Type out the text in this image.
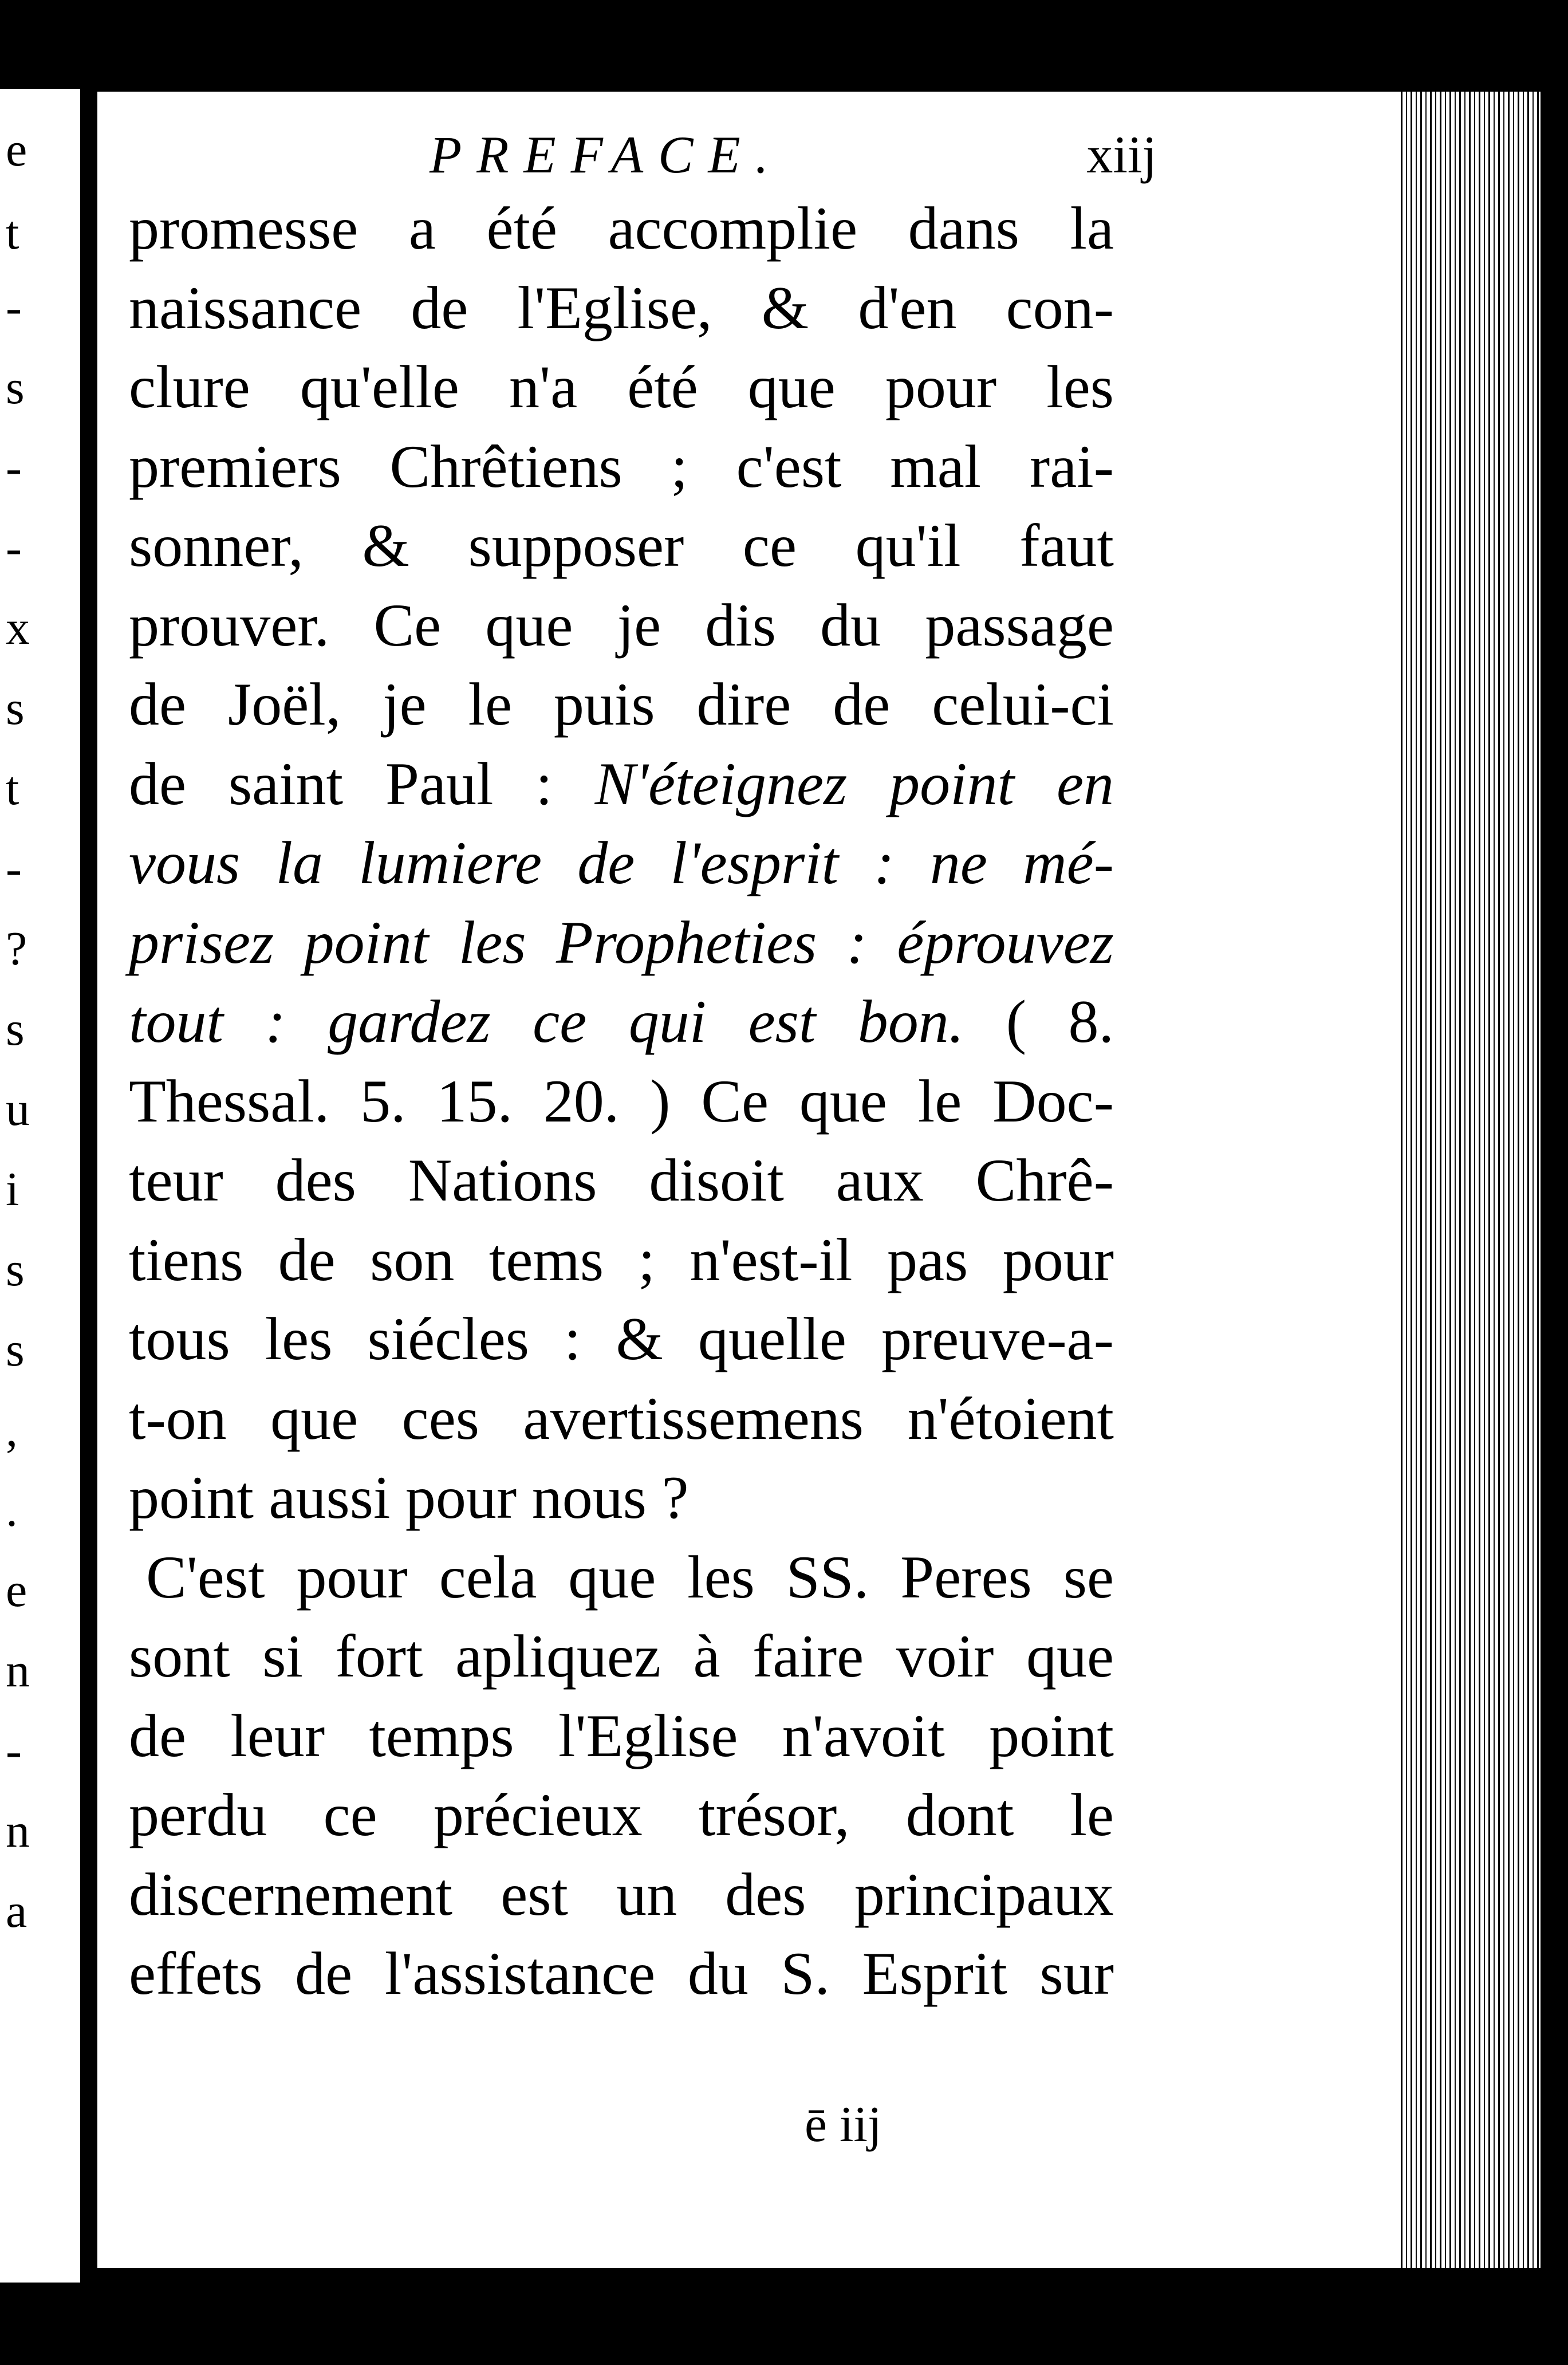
e
t
-
s
-
-
x
s
t
-
?
s
u
i
s
s
,
.
e
n
-
n
a
PREFACE.	xiij
promesse a été accomplie dans la
naissance de l'Eglise, & d'en con-
clure qu'elle n'a été que pour les
premiers Chrêtiens ; c'est mal rai-
sonner, & supposer ce qu'il faut
prouver. Ce que je dis du passage
de Joël, je le puis dire de celui-ci
de saint Paul : N'éteignez point en
vous la lumiere de l'esprit : ne mé-
prisez point les Propheties : éprouvez
tout : gardez ce qui est bon. ( 8.
Thessal. 5. 15. 20. ) Ce que le Doc-
teur des Nations disoit aux Chrê-
tiens de son tems ; n'est-il pas pour
tous les siécles : & quelle preuve-a-
t-on que ces avertissemens n'étoient
point aussi pour nous ?
C'est pour cela que les SS. Peres se
sont si fort apliquez à faire voir que
de leur temps l'Eglise n'avoit point
perdu ce précieux trésor, dont le
discernement est un des principaux
effets de l'assistance du S. Esprit sur
ē iij
